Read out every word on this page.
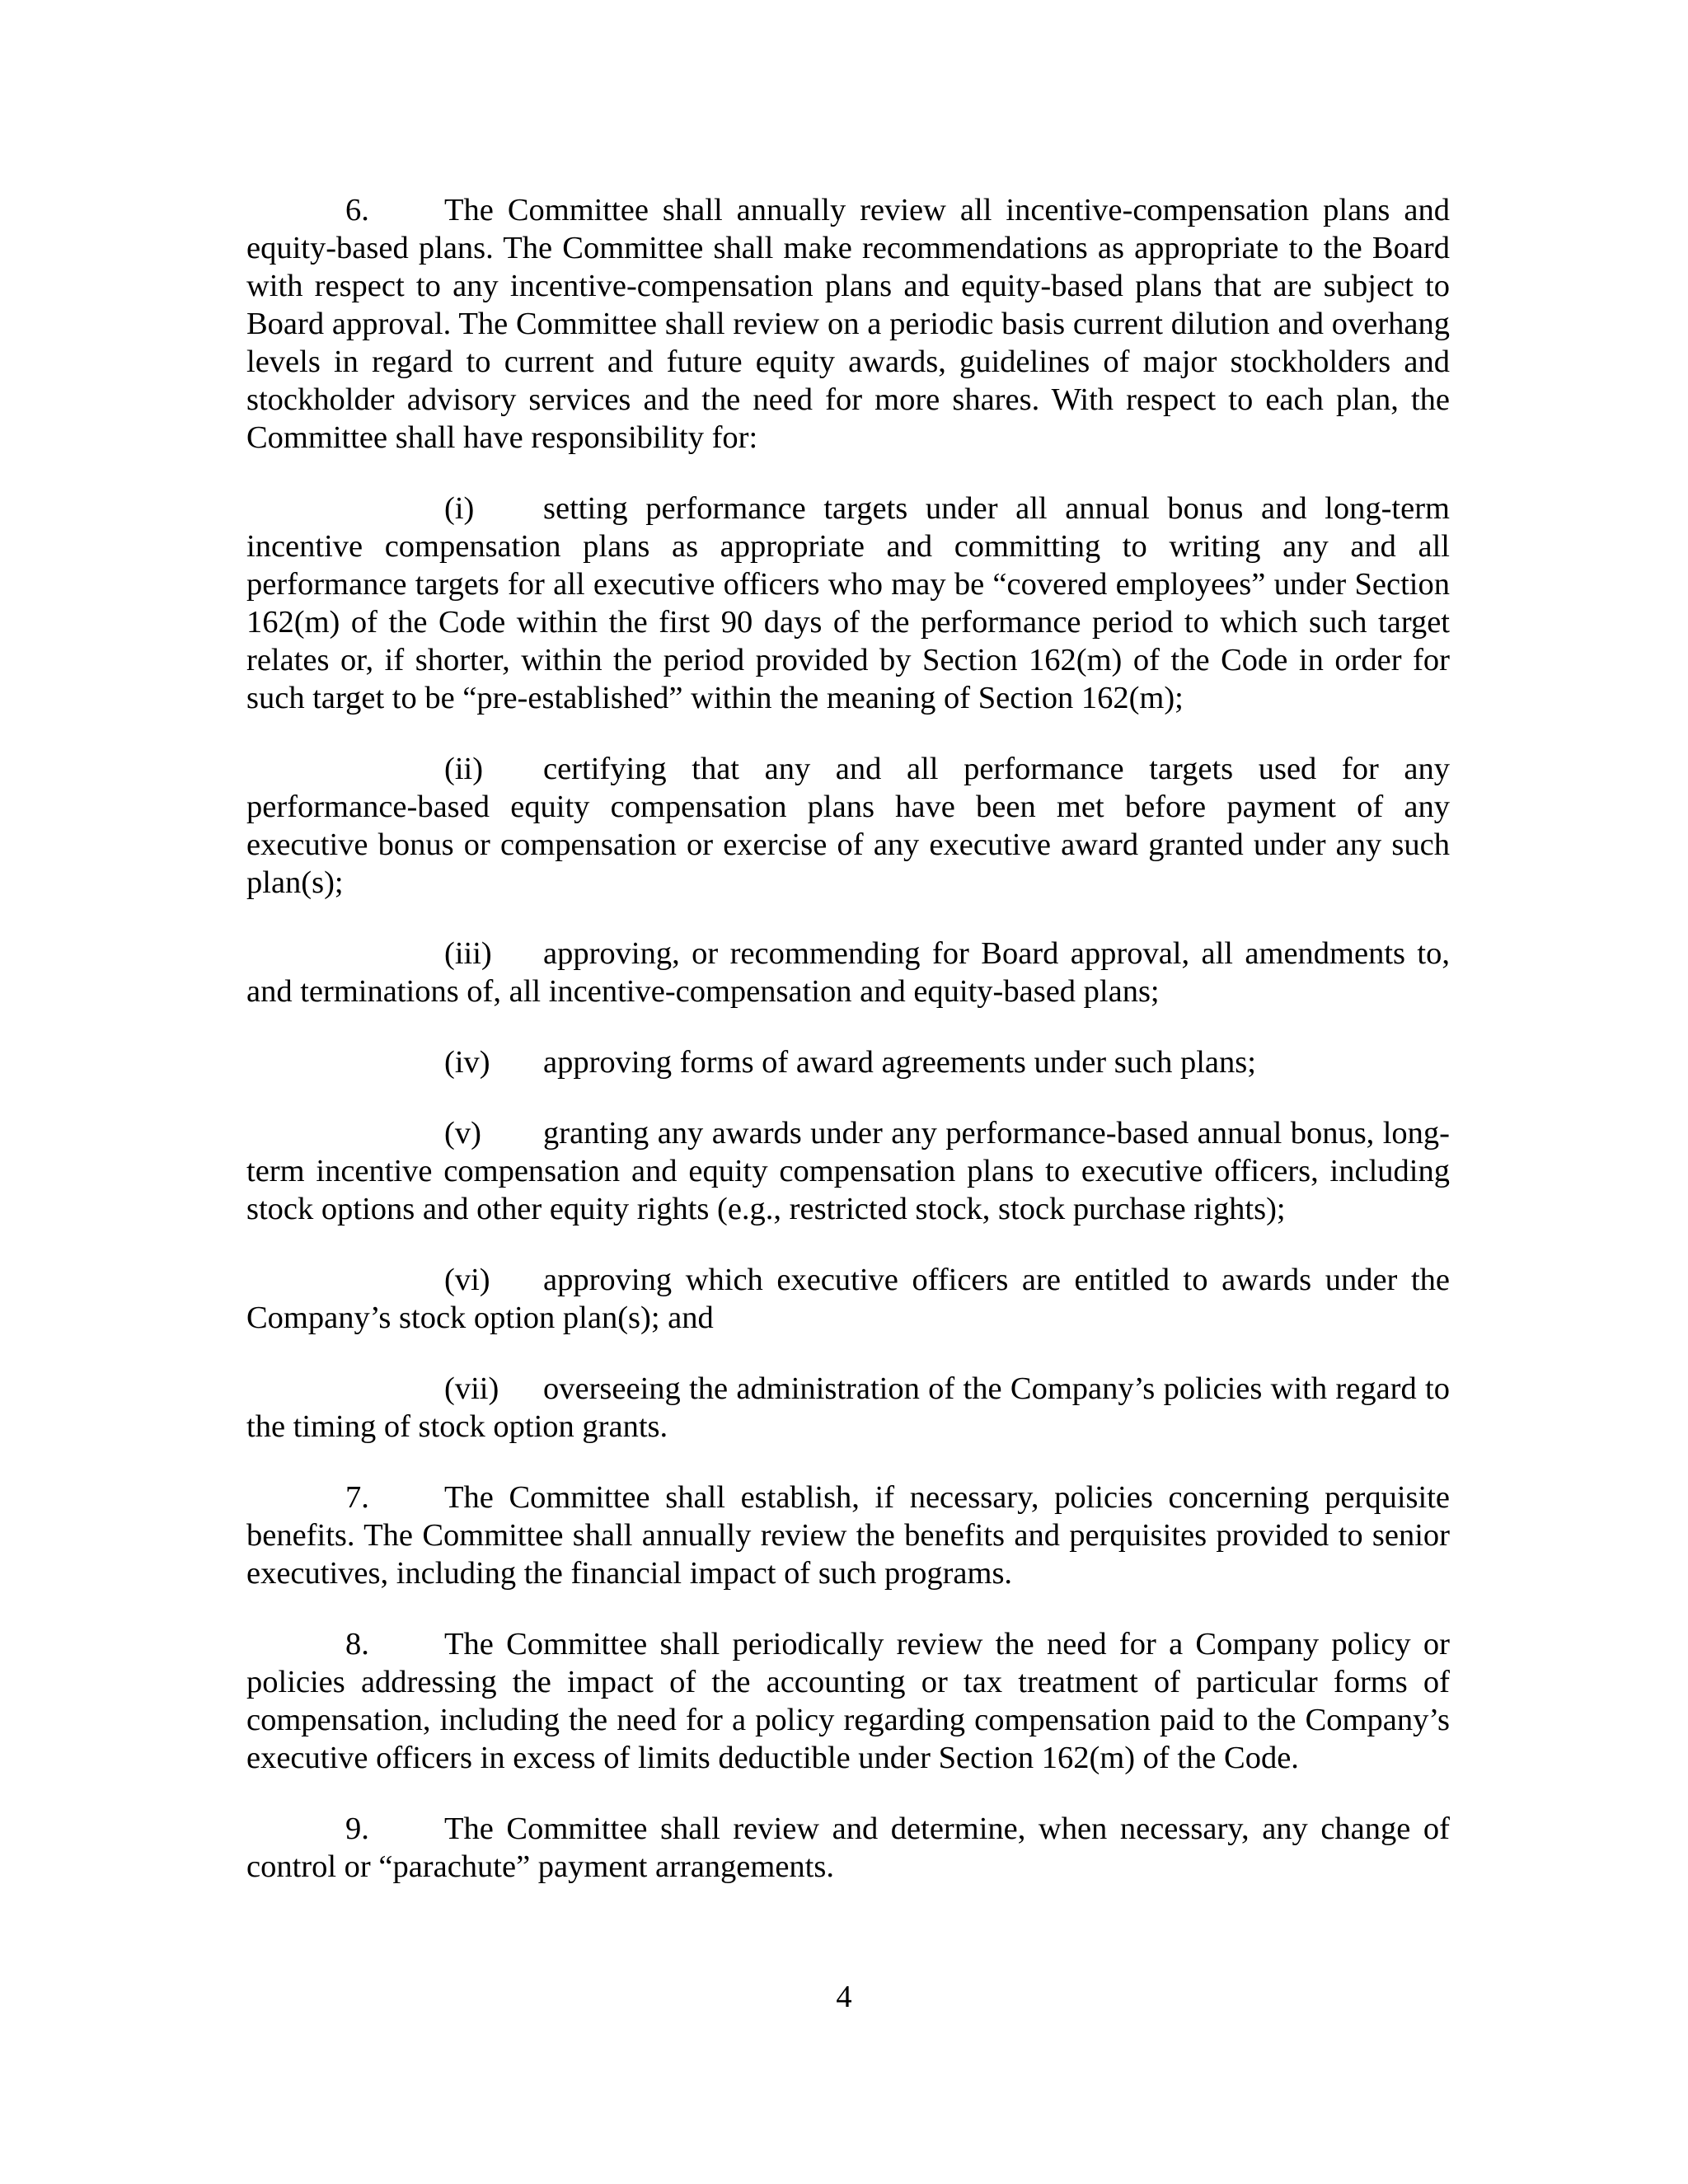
6. The Committee shall annually review all incentive-compensation plans and equity-based plans. The Committee shall make recommendations as appropriate to the Board with respect to any incentive-compensation plans and equity-based plans that are subject to Board approval. The Committee shall review on a periodic basis current dilution and overhang levels in regard to current and future equity awards, guidelines of major stockholders and stockholder advisory services and the need for more shares. With respect to each plan, the Committee shall have responsibility for:

(i) setting performance targets under all annual bonus and long-term incentive compensation plans as appropriate and committing to writing any and all performance targets for all executive officers who may be “covered employees” under Section 162(m) of the Code within the first 90 days of the performance period to which such target relates or, if shorter, within the period provided by Section 162(m) of the Code in order for such target to be “pre-established” within the meaning of Section 162(m);

(ii) certifying that any and all performance targets used for any performance-based equity compensation plans have been met before payment of any executive bonus or compensation or exercise of any executive award granted under any such plan(s);

(iii) approving, or recommending for Board approval, all amendments to, and terminations of, all incentive-compensation and equity-based plans;

(iv) approving forms of award agreements under such plans;

(v) granting any awards under any performance-based annual bonus, long-term incentive compensation and equity compensation plans to executive officers, including stock options and other equity rights (e.g., restricted stock, stock purchase rights);

(vi) approving which executive officers are entitled to awards under the Company’s stock option plan(s); and

(vii) overseeing the administration of the Company’s policies with regard to the timing of stock option grants.

7. The Committee shall establish, if necessary, policies concerning perquisite benefits. The Committee shall annually review the benefits and perquisites provided to senior executives, including the financial impact of such programs.

8. The Committee shall periodically review the need for a Company policy or policies addressing the impact of the accounting or tax treatment of particular forms of compensation, including the need for a policy regarding compensation paid to the Company’s executive officers in excess of limits deductible under Section 162(m) of the Code.

9. The Committee shall review and determine, when necessary, any change of control or “parachute” payment arrangements.

4
